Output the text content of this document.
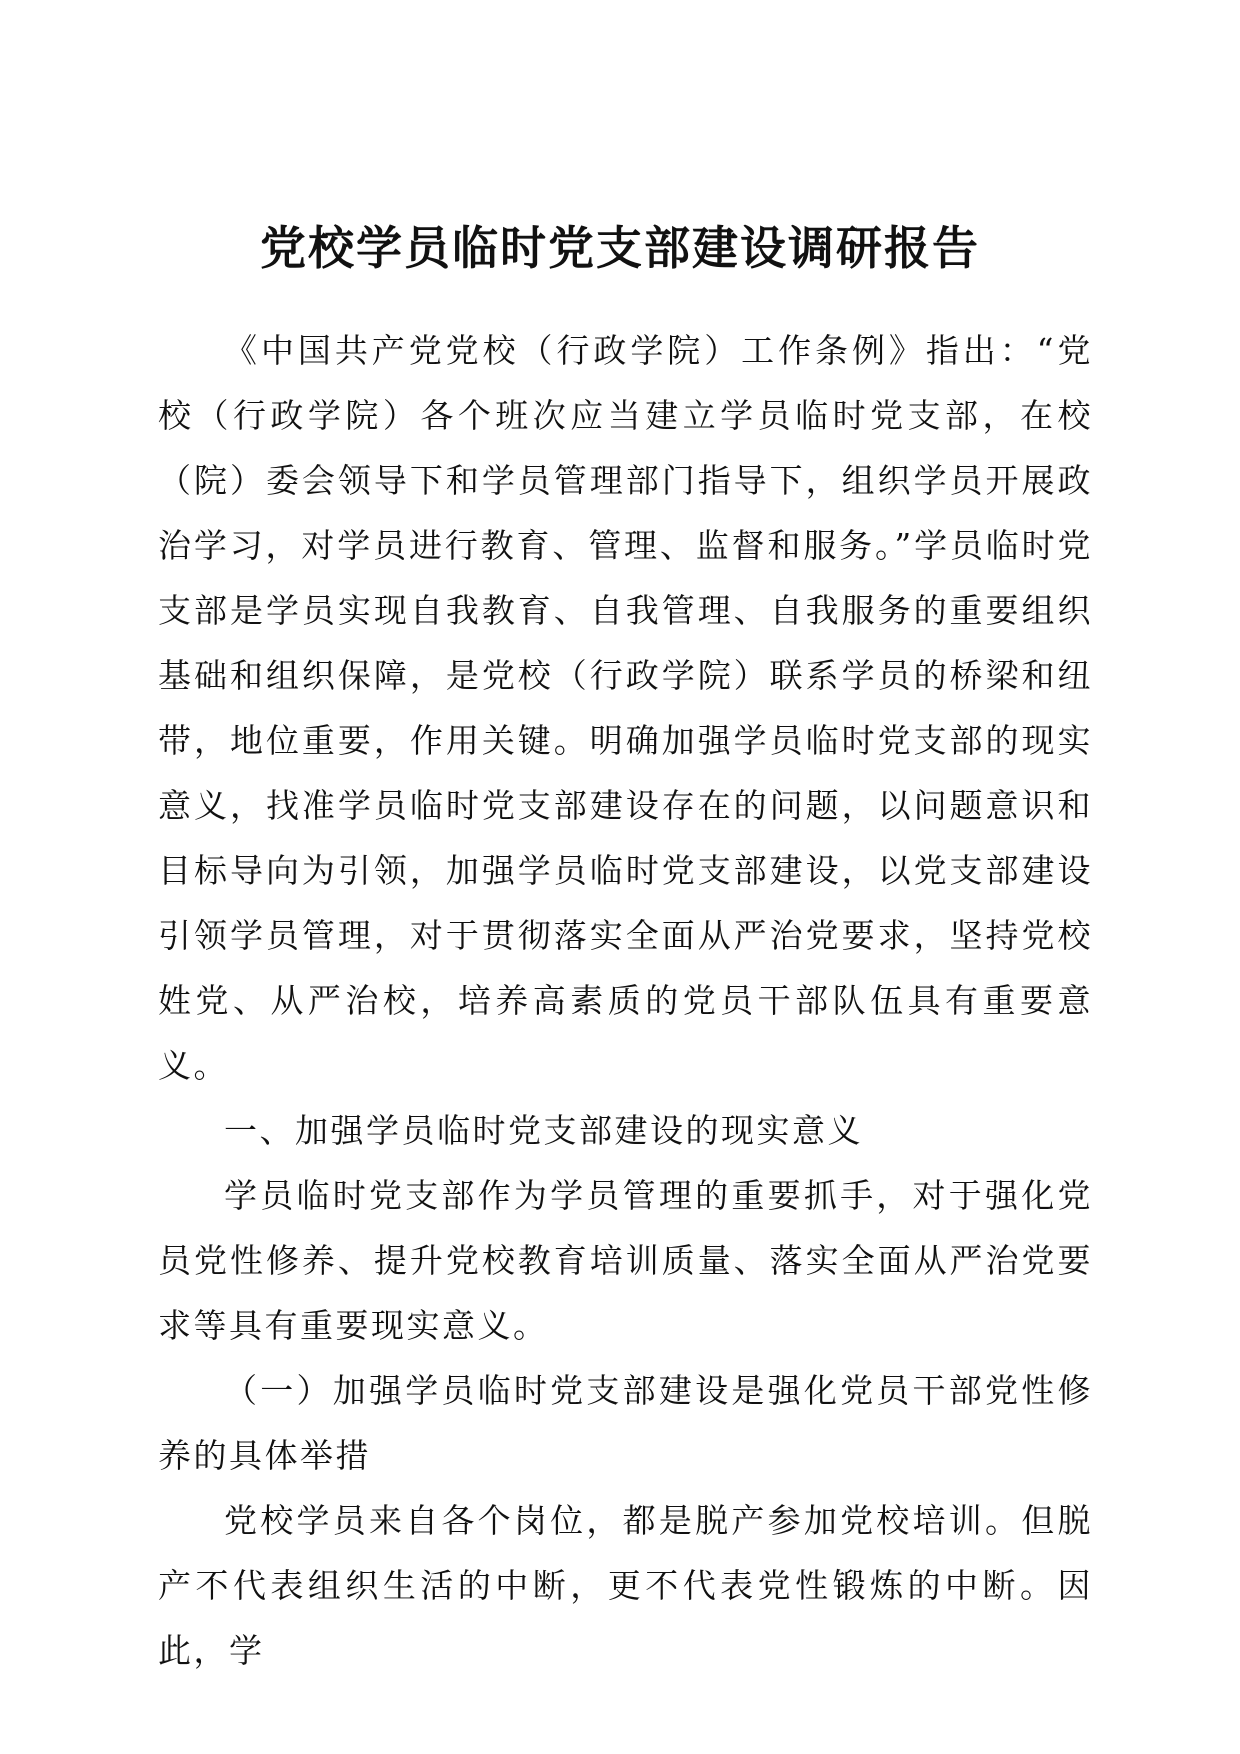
党校学员临时党支部建设调研报告

《中国共产党党校（行政学院）工作条例》指出：“党校（行政学院）各个班次应当建立学员临时党支部，在校（院）委会领导下和学员管理部门指导下，组织学员开展政治学习，对学员进行教育、管理、监督和服务。”学员临时党支部是学员实现自我教育、自我管理、自我服务的重要组织基础和组织保障，是党校（行政学院）联系学员的桥梁和纽带，地位重要，作用关键。明确加强学员临时党支部的现实意义，找准学员临时党支部建设存在的问题，以问题意识和目标导向为引领，加强学员临时党支部建设，以党支部建设引领学员管理，对于贯彻落实全面从严治党要求，坚持党校姓党、从严治校，培养高素质的党员干部队伍具有重要意义。

一、加强学员临时党支部建设的现实意义

学员临时党支部作为学员管理的重要抓手，对于强化党员党性修养、提升党校教育培训质量、落实全面从严治党要求等具有重要现实意义。

（一）加强学员临时党支部建设是强化党员干部党性修养的具体举措

党校学员来自各个岗位，都是脱产参加党校培训。但脱产不代表组织生活的中断，更不代表党性锻炼的中断。因此，学
